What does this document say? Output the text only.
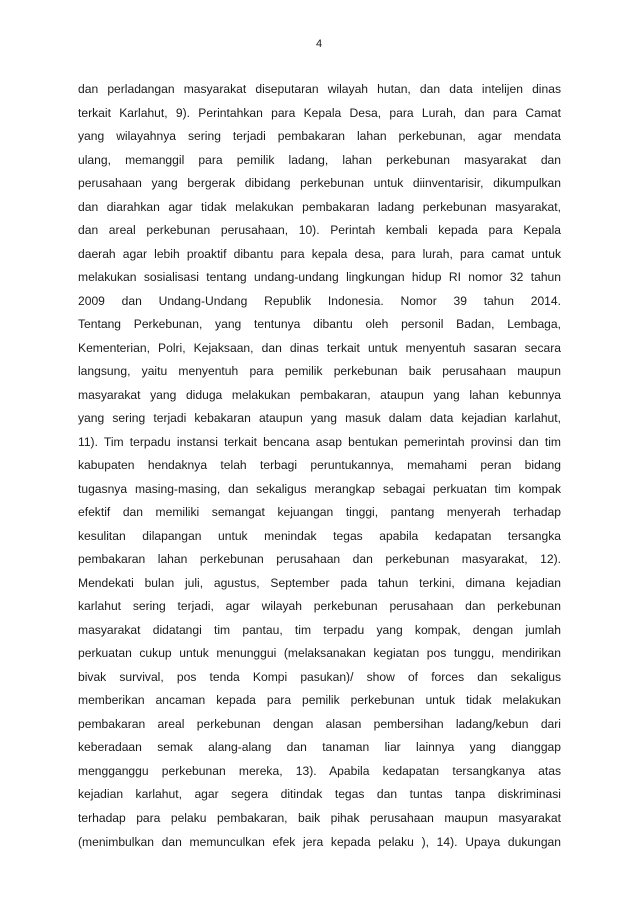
4
dan perladangan masyarakat diseputaran wilayah hutan, dan data intelijen dinas
terkait Karlahut, 9). Perintahkan para Kepala Desa, para Lurah, dan para Camat
yang wilayahnya sering terjadi pembakaran lahan perkebunan, agar mendata
ulang, memanggil para pemilik ladang, lahan perkebunan masyarakat dan
perusahaan yang bergerak dibidang perkebunan untuk diinventarisir, dikumpulkan
dan diarahkan agar tidak melakukan pembakaran ladang perkebunan masyarakat,
dan areal perkebunan perusahaan, 10). Perintah kembali kepada para Kepala
daerah agar lebih proaktif dibantu para kepala desa, para lurah, para camat untuk
melakukan sosialisasi tentang undang-undang lingkungan hidup RI nomor 32 tahun
2009 dan Undang-Undang Republik Indonesia. Nomor 39 tahun 2014.
Tentang Perkebunan, yang tentunya dibantu oleh personil Badan, Lembaga,
Kementerian, Polri, Kejaksaan, dan dinas terkait untuk menyentuh sasaran secara
langsung, yaitu menyentuh para pemilik perkebunan baik perusahaan maupun
masyarakat yang diduga melakukan pembakaran, ataupun yang lahan kebunnya
yang sering terjadi kebakaran ataupun yang masuk dalam data kejadian karlahut,
11). Tim terpadu instansi terkait bencana asap bentukan pemerintah provinsi dan tim
kabupaten hendaknya telah terbagi peruntukannya, memahami peran bidang
tugasnya masing-masing, dan sekaligus merangkap sebagai perkuatan tim kompak
efektif dan memiliki semangat kejuangan tinggi, pantang menyerah terhadap
kesulitan dilapangan untuk menindak tegas apabila kedapatan tersangka
pembakaran lahan perkebunan perusahaan dan perkebunan masyarakat, 12).
Mendekati bulan juli, agustus, September pada tahun terkini, dimana kejadian
karlahut sering terjadi, agar wilayah perkebunan perusahaan dan perkebunan
masyarakat didatangi tim pantau, tim terpadu yang kompak, dengan jumlah
perkuatan cukup untuk menunggui (melaksanakan kegiatan pos tunggu, mendirikan
bivak survival, pos tenda Kompi pasukan)/ show of forces dan sekaligus
memberikan ancaman kepada para pemilik perkebunan untuk tidak melakukan
pembakaran areal perkebunan dengan alasan pembersihan ladang/kebun dari
keberadaan semak alang-alang dan tanaman liar lainnya yang dianggap
mengganggu perkebunan mereka, 13). Apabila kedapatan tersangkanya atas
kejadian karlahut, agar segera ditindak tegas dan tuntas tanpa diskriminasi
terhadap para pelaku pembakaran, baik pihak perusahaan maupun masyarakat
(menimbulkan dan memunculkan efek jera kepada pelaku ), 14). Upaya dukungan
